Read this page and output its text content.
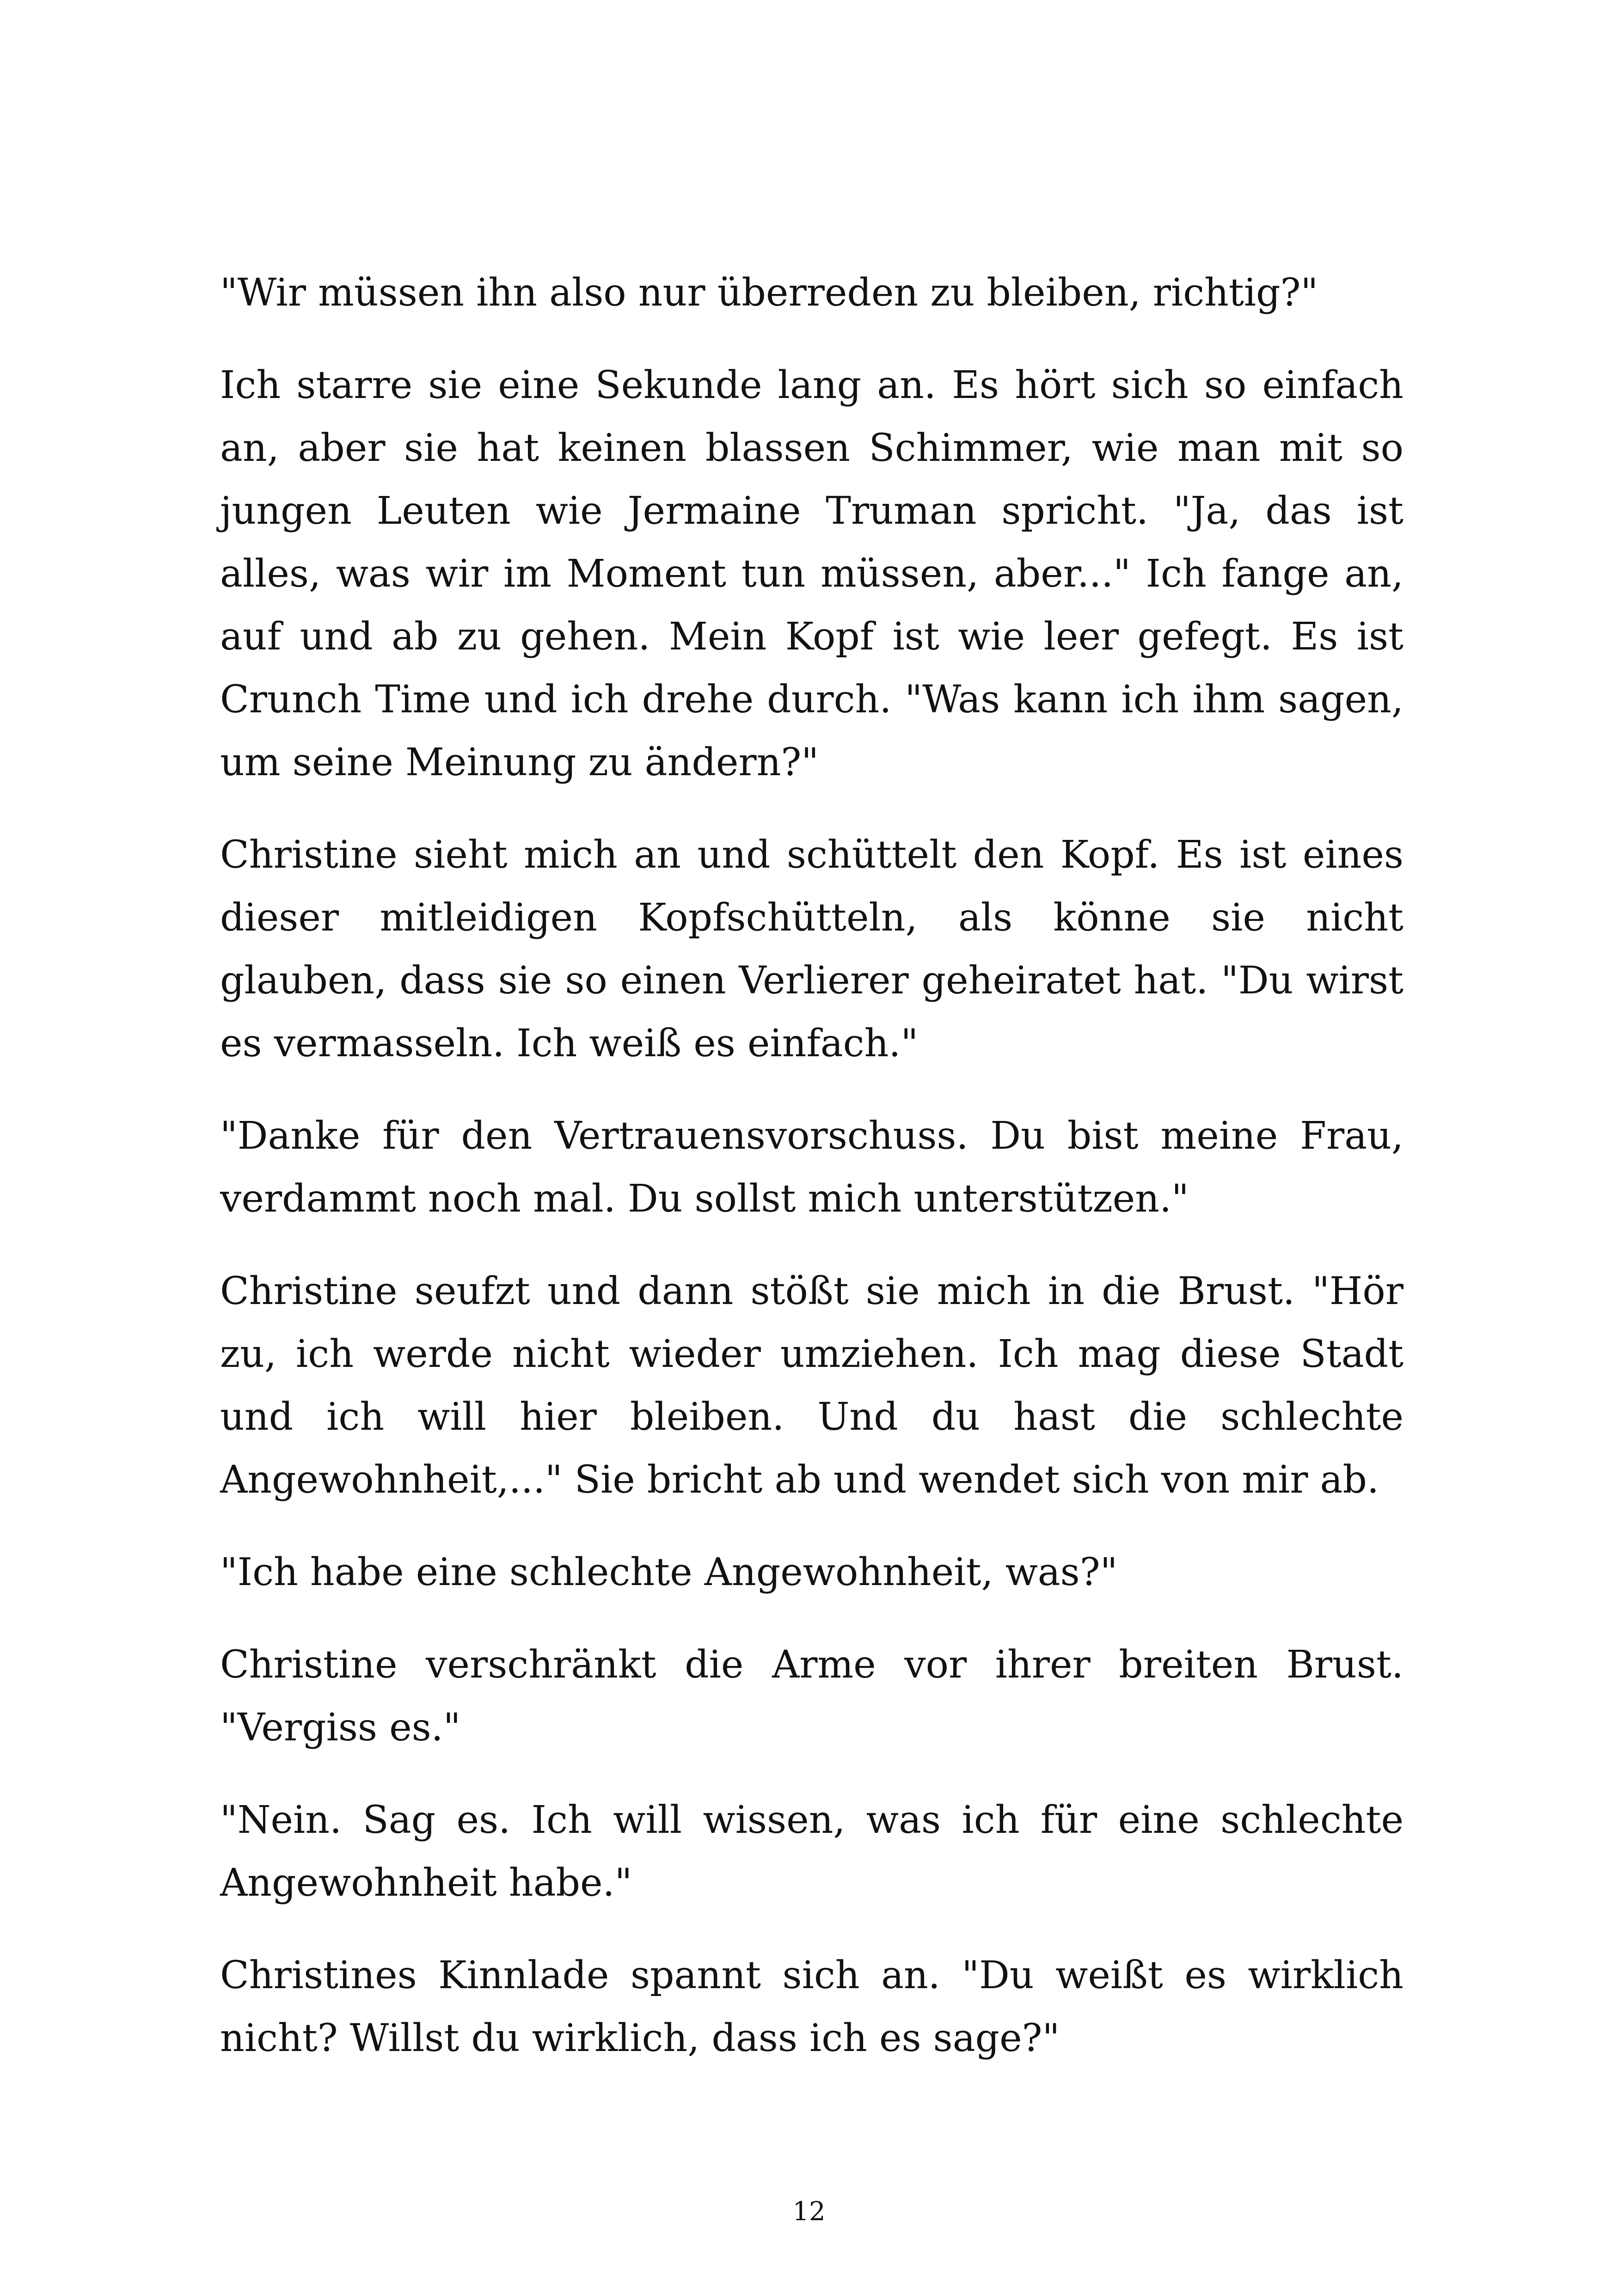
"Wir müssen ihn also nur überreden zu bleiben, richtig?"

Ich starre sie eine Sekunde lang an. Es hört sich so einfach an, aber sie hat keinen blassen Schimmer, wie man mit so jungen Leuten wie Jermaine Truman spricht. "Ja, das ist alles, was wir im Moment tun müssen, aber..." Ich fange an, auf und ab zu gehen. Mein Kopf ist wie leer gefegt. Es ist Crunch Time und ich drehe durch. "Was kann ich ihm sagen, um seine Meinung zu ändern?"

Christine sieht mich an und schüttelt den Kopf. Es ist eines dieser mitleidigen Kopfschütteln, als könne sie nicht glauben, dass sie so einen Verlierer geheiratet hat. "Du wirst es vermasseln. Ich weiß es einfach."

"Danke für den Vertrauensvorschuss. Du bist meine Frau, verdammt noch mal. Du sollst mich unterstützen."

Christine seufzt und dann stößt sie mich in die Brust. "Hör zu, ich werde nicht wieder umziehen. Ich mag diese Stadt und ich will hier bleiben. Und du hast die schlechte Angewohnheit,..." Sie bricht ab und wendet sich von mir ab.

"Ich habe eine schlechte Angewohnheit, was?"

Christine verschränkt die Arme vor ihrer breiten Brust. "Vergiss es."

"Nein. Sag es. Ich will wissen, was ich für eine schlechte Angewohnheit habe."

Christines Kinnlade spannt sich an. "Du weißt es wirklich nicht? Willst du wirklich, dass ich es sage?"

12
